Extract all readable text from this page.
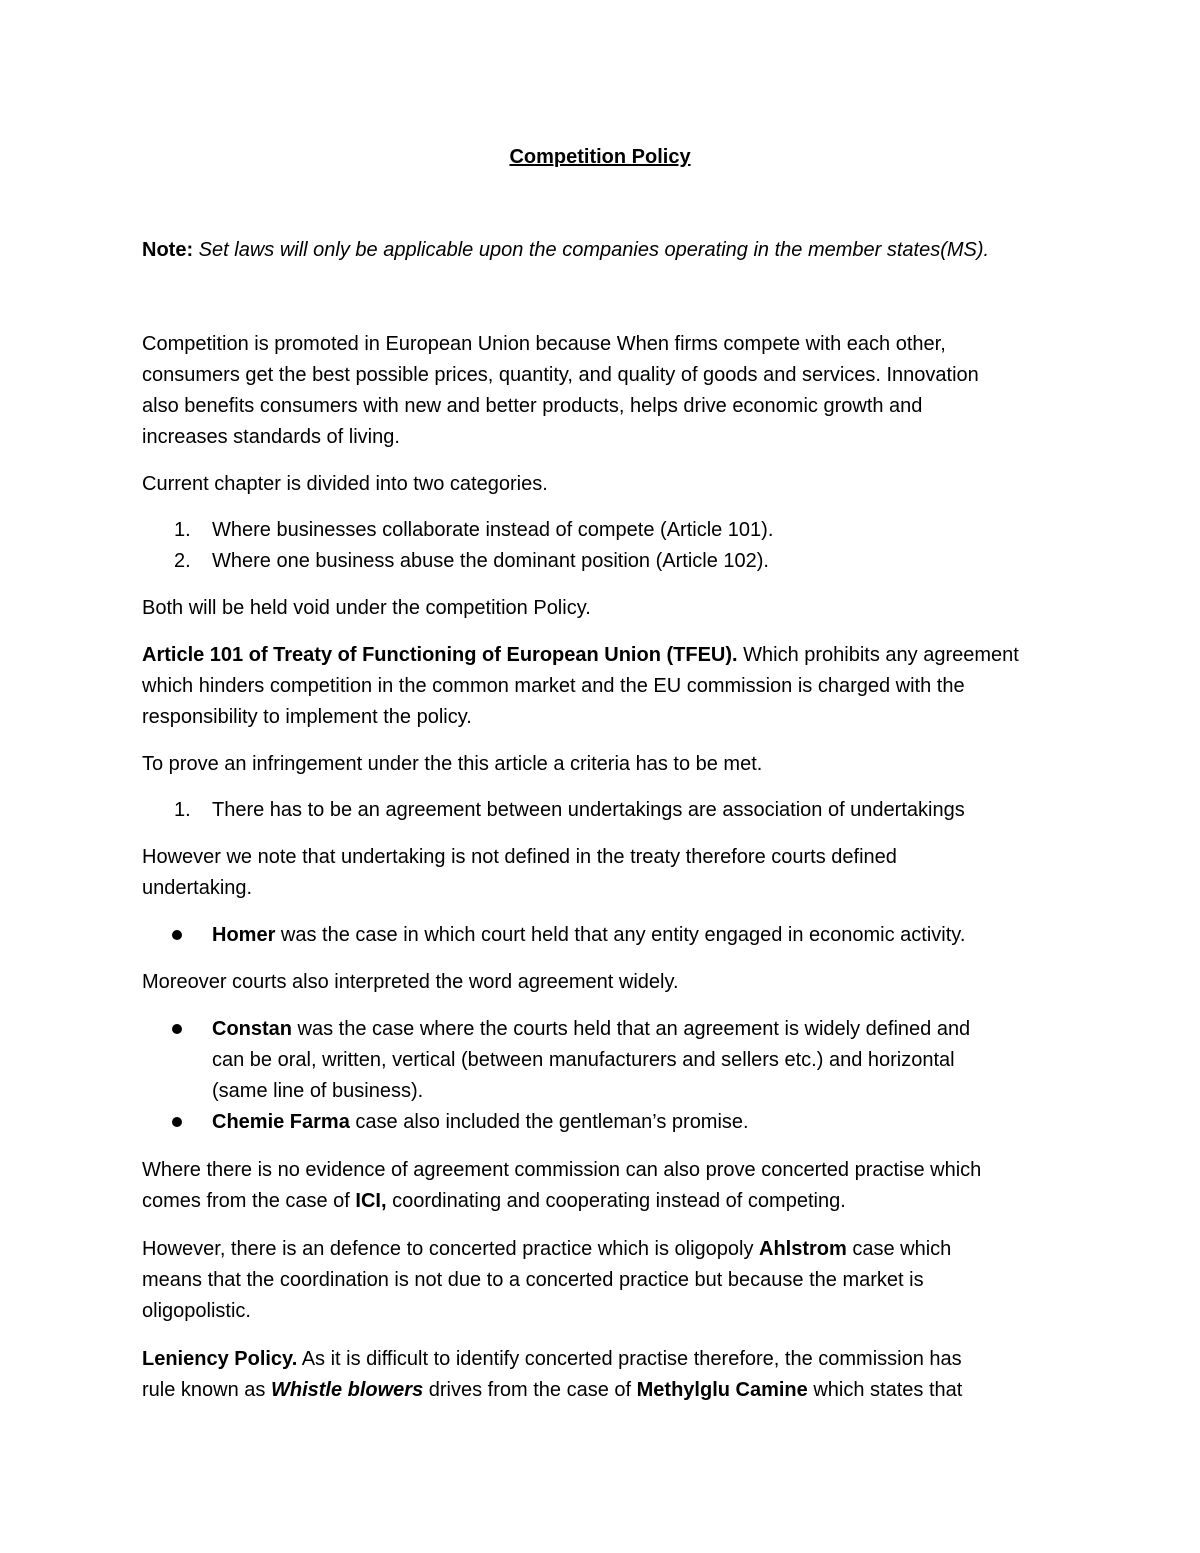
Competition Policy
Note: Set laws will only be applicable upon the companies operating in the member states(MS).
Competition is promoted in European Union because When firms compete with each other,
consumers get the best possible prices, quantity, and quality of goods and services. Innovation
also benefits consumers with new and better products, helps drive economic growth and
increases standards of living.
Current chapter is divided into two categories.
1. Where businesses collaborate instead of compete (Article 101).
2. Where one business abuse the dominant position (Article 102).
Both will be held void under the competition Policy.
Article 101 of Treaty of Functioning of European Union (TFEU). Which prohibits any agreement
which hinders competition in the common market and the EU commission is charged with the
responsibility to implement the policy.
To prove an infringement under the this article a criteria has to be met.
1. There has to be an agreement between undertakings are association of undertakings
However we note that undertaking is not defined in the treaty therefore courts defined
undertaking.
Homer was the case in which court held that any entity engaged in economic activity.
Moreover courts also interpreted the word agreement widely.
Constan was the case where the courts held that an agreement is widely defined and
can be oral, written, vertical (between manufacturers and sellers etc.) and horizontal
(same line of business).
Chemie Farma case also included the gentleman’s promise.
Where there is no evidence of agreement commission can also prove concerted practise which
comes from the case of ICI, coordinating and cooperating instead of competing.
However, there is an defence to concerted practice which is oligopoly Ahlstrom case which
means that the coordination is not due to a concerted practice but because the market is
oligopolistic.
Leniency Policy. As it is difficult to identify concerted practise therefore, the commission has
rule known as Whistle blowers drives from the case of Methylglu Camine which states that
